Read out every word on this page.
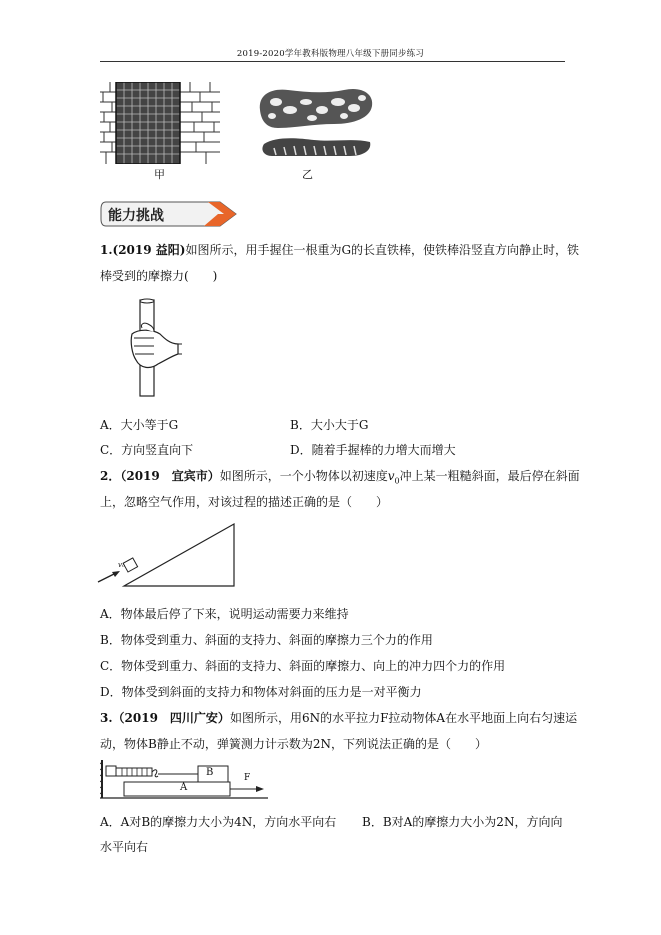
2019-2020学年教科版物理八年级下册同步练习
甲	乙
能力挑战
1.(2019 益阳)如图所示，用手握住一根重为G的长直铁棒，使铁棒沿竖直方向静止时，铁
棒受到的摩擦力(　　)
A．大小等于G	B．大小大于G
C．方向竖直向下	D．随着手握棒的力增大而增大
2．（2019　宜宾市）如图所示，一个小物体以初速度$v_0$冲上某一粗糙斜面，最后停在斜面
上，忽略空气作用，对该过程的描述正确的是（　　）
v₀
A．物体最后停了下来，说明运动需要力来维持
B．物体受到重力、斜面的支持力、斜面的摩擦力三个力的作用
C．物体受到重力、斜面的支持力、斜面的摩擦力、向上的冲力四个力的作用
D．物体受到斜面的支持力和物体对斜面的压力是一对平衡力
3.（2019　四川广安）如图所示，用6N的水平拉力F拉动物体A在水平地面上向右匀速运
动，物体B静止不动，弹簧测力计示数为2N，下列说法正确的是（　　）
B
A
F
A．A对B的摩擦力大小为4N，方向水平向右	B．B对A的摩擦力大小为2N，方向向
水平向右
